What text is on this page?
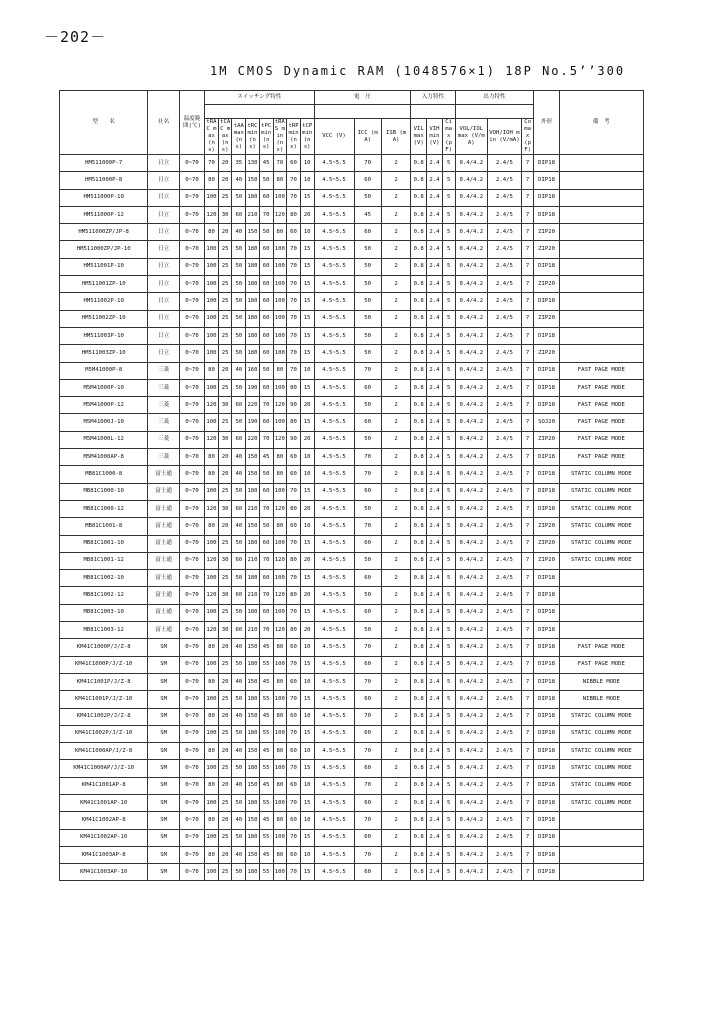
－202－
1M CMOS Dynamic RAM (1048576×1) 18P No.5’’300
型　　名	社名	温度範囲(℃)	スイッチング特性								電　圧			入力特性			出力特性			外形	備　考

			tRAC max (ns)	tCAC max (ns)	tAA max (ns)	tRC min (ns)	tPC min (ns)	tRAS min (ns)	tRP min (ns)	tCP min (ns)	VCC (V)	ICC (mA)	ISB (mA)	VIL max (V)	VIH min (V)	Ci max (pF)	VOL/IOL max (V/mA)	VOH/IOH min (V/mA)	Co max (pF)		
HM511000P-7	日立	0~70	70	20	35	130	45	70	60	10	4.5~5.5	70	2	0.8	2.4	5	0.4/4.2	2.4/5	7	DIP18	
HM511000P-8	日立	0~70	80	20	40	150	50	80	70	10	4.5~5.5	60	2	0.8	2.4	5	0.4/4.2	2.4/5	7	DIP18	
HM511000P-10	日立	0~70	100	25	50	180	60	100	70	15	4.5~5.5	50	2	0.8	2.4	5	0.4/4.2	2.4/5	7	DIP18	
HM511000P-12	日立	0~70	120	30	60	210	70	120	80	20	4.5~5.5	45	2	0.8	2.4	5	0.4/4.2	2.4/5	7	DIP18	
HM511000ZP/JP-8	日立	0~70	80	20	40	150	50	80	60	10	4.5~5.5	60	2	0.8	2.4	5	0.4/4.2	2.4/5	7	ZIP20	
HM511000ZP/JP-10	日立	0~70	100	25	50	180	60	100	70	15	4.5~5.5	50	2	0.8	2.4	5	0.4/4.2	2.4/5	7	ZIP20	
HM511001P-10	日立	0~70	100	25	50	180	60	100	70	15	4.5~5.5	50	2	0.8	2.4	5	0.4/4.2	2.4/5	7	DIP18	
HM511001ZP-10	日立	0~70	100	25	50	180	60	100	70	15	4.5~5.5	50	2	0.8	2.4	5	0.4/4.2	2.4/5	7	ZIP20	
HM511002P-10	日立	0~70	100	25	50	180	60	100	70	15	4.5~5.5	50	2	0.8	2.4	5	0.4/4.2	2.4/5	7	DIP18	
HM511002ZP-10	日立	0~70	100	25	50	180	60	100	70	15	4.5~5.5	50	2	0.8	2.4	5	0.4/4.2	2.4/5	7	ZIP20	
HM511003P-10	日立	0~70	100	25	50	180	60	100	70	15	4.5~5.5	50	2	0.8	2.4	5	0.4/4.2	2.4/5	7	DIP18	
HM511003ZP-10	日立	0~70	100	25	50	180	60	100	70	15	4.5~5.5	50	2	0.8	2.4	5	0.4/4.2	2.4/5	7	ZIP20	
M5M41000P-8	三菱	0~70	80	20	40	160	50	80	70	10	4.5~5.5	70	2	0.8	2.4	5	0.4/4.2	2.4/5	7	DIP18	FAST PAGE MODE
M5M41000P-10	三菱	0~70	100	25	50	190	60	100	80	15	4.5~5.5	60	2	0.8	2.4	5	0.4/4.2	2.4/5	7	DIP18	FAST PAGE MODE
M5M41000P-12	三菱	0~70	120	30	60	220	70	120	90	20	4.5~5.5	50	2	0.8	2.4	5	0.4/4.2	2.4/5	7	DIP18	FAST PAGE MODE
M5M41000J-10	三菱	0~70	100	25	50	190	60	100	80	15	4.5~5.5	60	2	0.8	2.4	5	0.4/4.2	2.4/5	7	SOJ20	FAST PAGE MODE
M5M41000L-12	三菱	0~70	120	30	60	220	70	120	90	20	4.5~5.5	50	2	0.8	2.4	5	0.4/4.2	2.4/5	7	ZIP20	FAST PAGE MODE
M5M41000AP-8	三菱	0~70	80	20	40	150	45	80	60	10	4.5~5.5	70	2	0.8	2.4	5	0.4/4.2	2.4/5	7	DIP18	FAST PAGE MODE
MB81C1000-8	富士通	0~70	80	20	40	150	50	80	60	10	4.5~5.5	70	2	0.8	2.4	5	0.4/4.2	2.4/5	7	DIP18	STATIC COLUMN MODE
MB81C1000-10	富士通	0~70	100	25	50	180	60	100	70	15	4.5~5.5	60	2	0.8	2.4	5	0.4/4.2	2.4/5	7	DIP18	STATIC COLUMN MODE
MB81C1000-12	富士通	0~70	120	30	60	210	70	120	80	20	4.5~5.5	50	2	0.8	2.4	5	0.4/4.2	2.4/5	7	DIP18	STATIC COLUMN MODE
MB81C1001-8	富士通	0~70	80	20	40	150	50	80	60	10	4.5~5.5	70	2	0.8	2.4	5	0.4/4.2	2.4/5	7	ZIP20	STATIC COLUMN MODE
MB81C1001-10	富士通	0~70	100	25	50	180	60	100	70	15	4.5~5.5	60	2	0.8	2.4	5	0.4/4.2	2.4/5	7	ZIP20	STATIC COLUMN MODE
MB81C1001-12	富士通	0~70	120	30	60	210	70	120	80	20	4.5~5.5	50	2	0.8	2.4	5	0.4/4.2	2.4/5	7	ZIP20	STATIC COLUMN MODE
MB81C1002-10	富士通	0~70	100	25	50	180	60	100	70	15	4.5~5.5	60	2	0.8	2.4	5	0.4/4.2	2.4/5	7	DIP18	
MB81C1002-12	富士通	0~70	120	30	60	210	70	120	80	20	4.5~5.5	50	2	0.8	2.4	5	0.4/4.2	2.4/5	7	DIP18	
MB81C1003-10	富士通	0~70	100	25	50	180	60	100	70	15	4.5~5.5	60	2	0.8	2.4	5	0.4/4.2	2.4/5	7	DIP18	
MB81C1003-12	富士通	0~70	120	30	60	210	70	120	80	20	4.5~5.5	50	2	0.8	2.4	5	0.4/4.2	2.4/5	7	DIP18	
KM41C1000P/J/Z-8	SM	0~70	80	20	40	150	45	80	60	10	4.5~5.5	70	2	0.8	2.4	5	0.4/4.2	2.4/5	7	DIP18	FAST PAGE MODE
KM41C1000P/J/Z-10	SM	0~70	100	25	50	180	55	100	70	15	4.5~5.5	60	2	0.8	2.4	5	0.4/4.2	2.4/5	7	DIP18	FAST PAGE MODE
KM41C1001P/J/Z-8	SM	0~70	80	20	40	150	45	80	60	10	4.5~5.5	70	2	0.8	2.4	5	0.4/4.2	2.4/5	7	DIP18	NIBBLE MODE
KM41C1001P/J/Z-10	SM	0~70	100	25	50	180	55	100	70	15	4.5~5.5	60	2	0.8	2.4	5	0.4/4.2	2.4/5	7	DIP18	NIBBLE MODE
KM41C1002P/J/Z-8	SM	0~70	80	20	40	150	45	80	60	10	4.5~5.5	70	2	0.8	2.4	5	0.4/4.2	2.4/5	7	DIP18	STATIC COLUMN MODE
KM41C1002P/J/Z-10	SM	0~70	100	25	50	180	55	100	70	15	4.5~5.5	60	2	0.8	2.4	5	0.4/4.2	2.4/5	7	DIP18	STATIC COLUMN MODE
KM41C1000AP/J/Z-8	SM	0~70	80	20	40	150	45	80	60	10	4.5~5.5	70	2	0.8	2.4	5	0.4/4.2	2.4/5	7	DIP18	STATIC COLUMN MODE
KM41C1000AP/J/Z-10	SM	0~70	100	25	50	180	55	100	70	15	4.5~5.5	60	2	0.8	2.4	5	0.4/4.2	2.4/5	7	DIP18	STATIC COLUMN MODE
KM41C1001AP-8	SM	0~70	80	20	40	150	45	80	60	10	4.5~5.5	70	2	0.8	2.4	5	0.4/4.2	2.4/5	7	DIP18	STATIC COLUMN MODE
KM41C1001AP-10	SM	0~70	100	25	50	180	55	100	70	15	4.5~5.5	60	2	0.8	2.4	5	0.4/4.2	2.4/5	7	DIP18	STATIC COLUMN MODE
KM41C1002AP-8	SM	0~70	80	20	40	150	45	80	60	10	4.5~5.5	70	2	0.8	2.4	5	0.4/4.2	2.4/5	7	DIP18	
KM41C1002AP-10	SM	0~70	100	25	50	180	55	100	70	15	4.5~5.5	60	2	0.8	2.4	5	0.4/4.2	2.4/5	7	DIP18	
KM41C1003AP-8	SM	0~70	80	20	40	150	45	80	60	10	4.5~5.5	70	2	0.8	2.4	5	0.4/4.2	2.4/5	7	DIP18	
KM41C1003AP-10	SM	0~70	100	25	50	180	55	100	70	15	4.5~5.5	60	2	0.8	2.4	5	0.4/4.2	2.4/5	7	DIP18	
